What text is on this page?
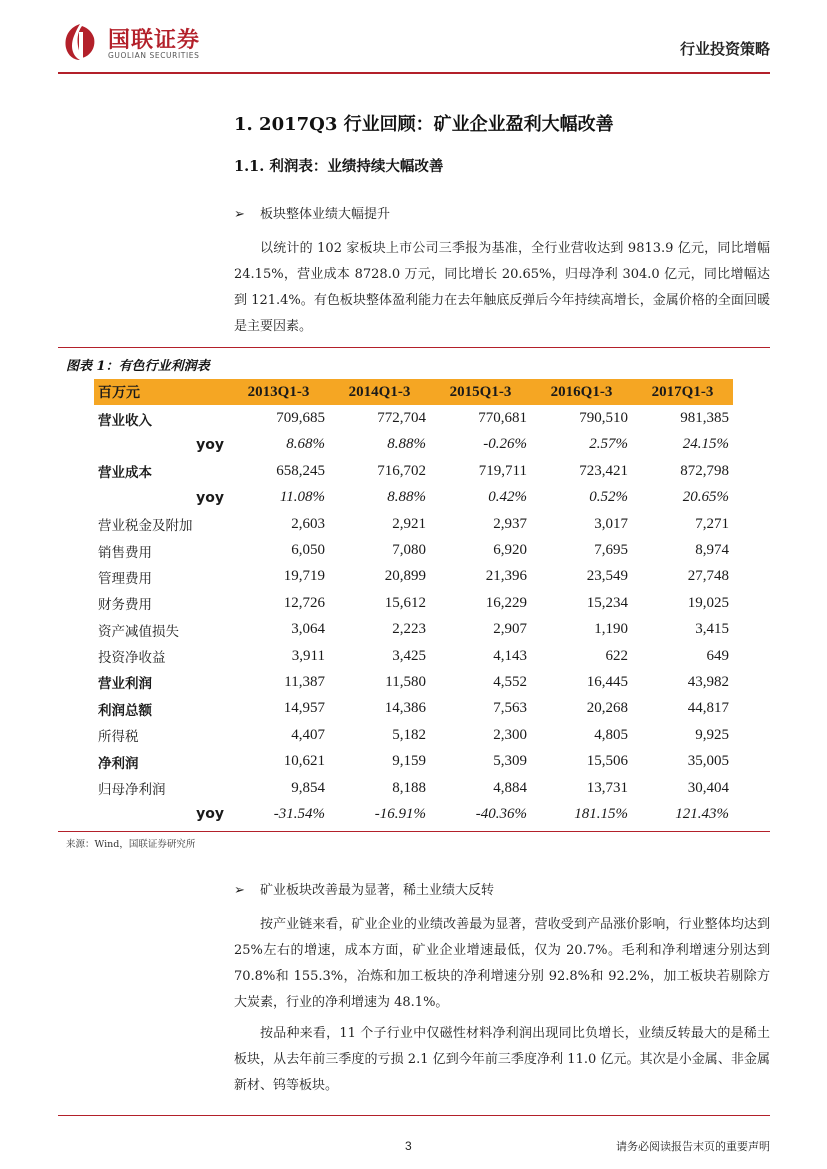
国联证券
GUOLIAN SECURITIES	行业投资策略
1. 2017Q3 行业回顾：矿业企业盈利大幅改善
1.1. 利润表：业绩持续大幅改善
➢ 板块整体业绩大幅提升
以统计的 102 家板块上市公司三季报为基准，全行业营收达到 9813.9 亿元，同比增幅 24.15%，营业成本 8728.0 万元，同比增长 20.65%，归母净利 304.0 亿元，同比增幅达到 121.4%。有色板块整体盈利能力在去年触底反弹后今年持续高增长，金属价格的全面回暖是主要因素。
图表 1：有色行业利润表
百万元	2013Q1-3	2014Q1-3	2015Q1-3	2016Q1-3	2017Q1-3
营业收入	709,685	772,704	770,681	790,510	981,385
yoy	8.68%	8.88%	-0.26%	2.57%	24.15%
营业成本	658,245	716,702	719,711	723,421	872,798
yoy	11.08%	8.88%	0.42%	0.52%	20.65%
营业税金及附加	2,603	2,921	2,937	3,017	7,271
销售费用	6,050	7,080	6,920	7,695	8,974
管理费用	19,719	20,899	21,396	23,549	27,748
财务费用	12,726	15,612	16,229	15,234	19,025
资产减值损失	3,064	2,223	2,907	1,190	3,415
投资净收益	3,911	3,425	4,143	622	649
营业利润	11,387	11,580	4,552	16,445	43,982
利润总额	14,957	14,386	7,563	20,268	44,817
所得税	4,407	5,182	2,300	4,805	9,925
净利润	10,621	9,159	5,309	15,506	35,005
归母净利润	9,854	8,188	4,884	13,731	30,404
yoy	-31.54%	-16.91%	-40.36%	181.15%	121.43%
来源：Wind，国联证券研究所
➢ 矿业板块改善最为显著，稀土业绩大反转
按产业链来看，矿业企业的业绩改善最为显著，营收受到产品涨价影响，行业整体均达到25%左右的增速，成本方面，矿业企业增速最低，仅为 20.7%。毛利和净利增速分别达到 70.8%和 155.3%，冶炼和加工板块的净利增速分别 92.8%和 92.2%，加工板块若剔除方大炭素，行业的净利增速为 48.1%。
按品种来看，11 个子行业中仅磁性材料净利润出现同比负增长，业绩反转最大的是稀土板块，从去年前三季度的亏损 2.1 亿到今年前三季度净利 11.0 亿元。其次是小金属、非金属新材、钨等板块。
3	请务必阅读报告末页的重要声明
